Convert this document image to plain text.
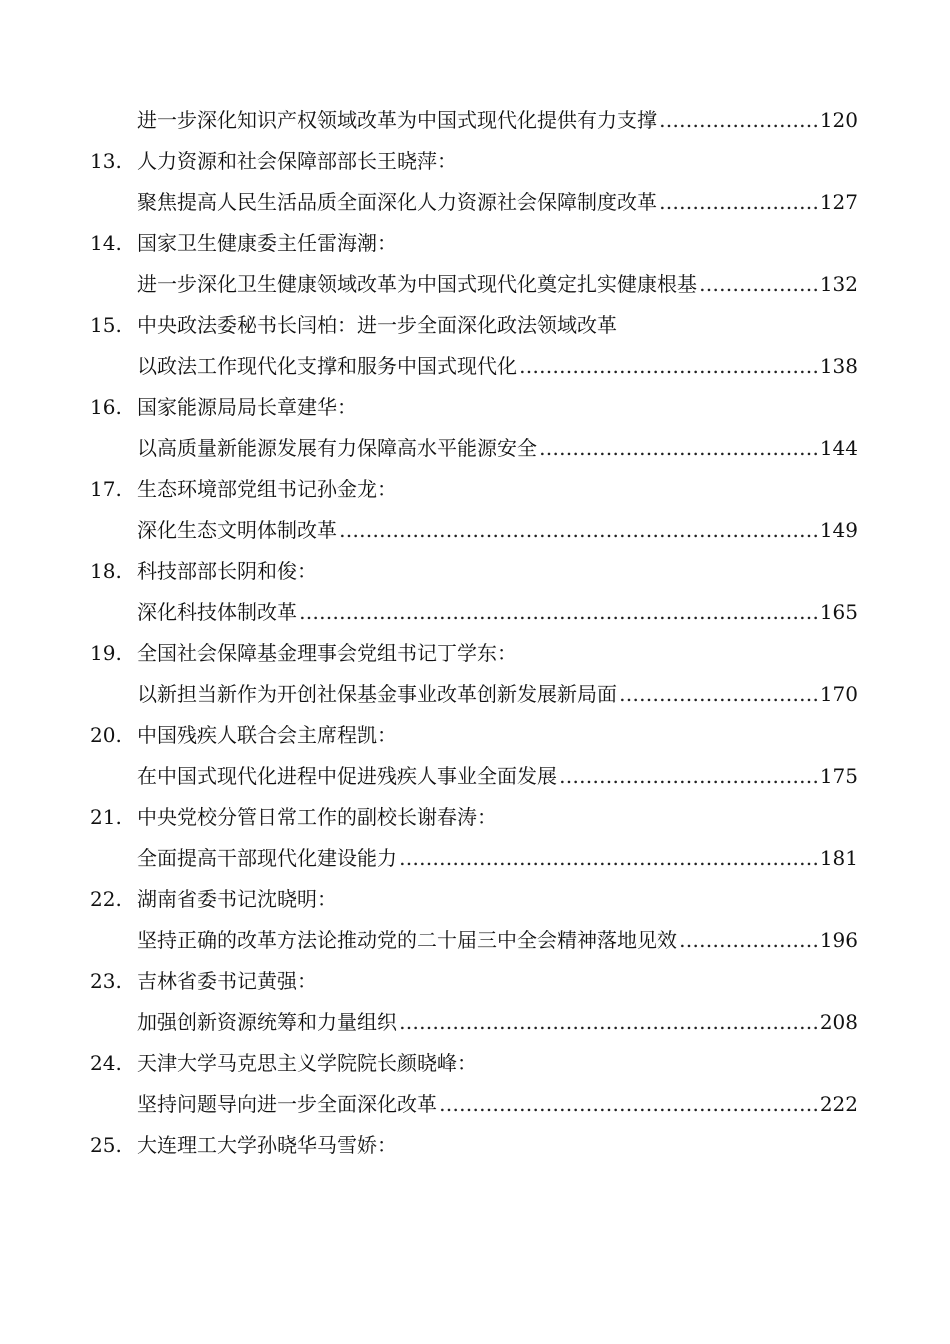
进一步深化知识产权领域改革为中国式现代化提供有力支撑 ……………………………………………………………………………………………………………………………………	120
13. 人力资源和社会保障部部长王晓萍：
聚焦提高人民生活品质全面深化人力资源社会保障制度改革 ……………………………………………………………………………………………………………………………………	127
14. 国家卫生健康委主任雷海潮：
进一步深化卫生健康领域改革为中国式现代化奠定扎实健康根基 ……………………………………………………………………………………………………………………………………	132
15. 中央政法委秘书长闫柏：进一步全面深化政法领域改革
以政法工作现代化支撑和服务中国式现代化 ……………………………………………………………………………………………………………………………………	138
16. 国家能源局局长章建华：
以高质量新能源发展有力保障高水平能源安全 ……………………………………………………………………………………………………………………………………	144
17. 生态环境部党组书记孙金龙：
深化生态文明体制改革 ……………………………………………………………………………………………………………………………………	149
18. 科技部部长阴和俊：
深化科技体制改革 ……………………………………………………………………………………………………………………………………	165
19. 全国社会保障基金理事会党组书记丁学东：
以新担当新作为开创社保基金事业改革创新发展新局面 ……………………………………………………………………………………………………………………………………	170
20. 中国残疾人联合会主席程凯：
在中国式现代化进程中促进残疾人事业全面发展 ……………………………………………………………………………………………………………………………………	175
21. 中央党校分管日常工作的副校长谢春涛：
全面提高干部现代化建设能力 ……………………………………………………………………………………………………………………………………	181
22. 湖南省委书记沈晓明：
坚持正确的改革方法论推动党的二十届三中全会精神落地见效 ……………………………………………………………………………………………………………………………………	196
23. 吉林省委书记黄强：
加强创新资源统筹和力量组织 ……………………………………………………………………………………………………………………………………	208
24. 天津大学马克思主义学院院长颜晓峰：
坚持问题导向进一步全面深化改革 ……………………………………………………………………………………………………………………………………	222
25. 大连理工大学孙晓华马雪娇：
